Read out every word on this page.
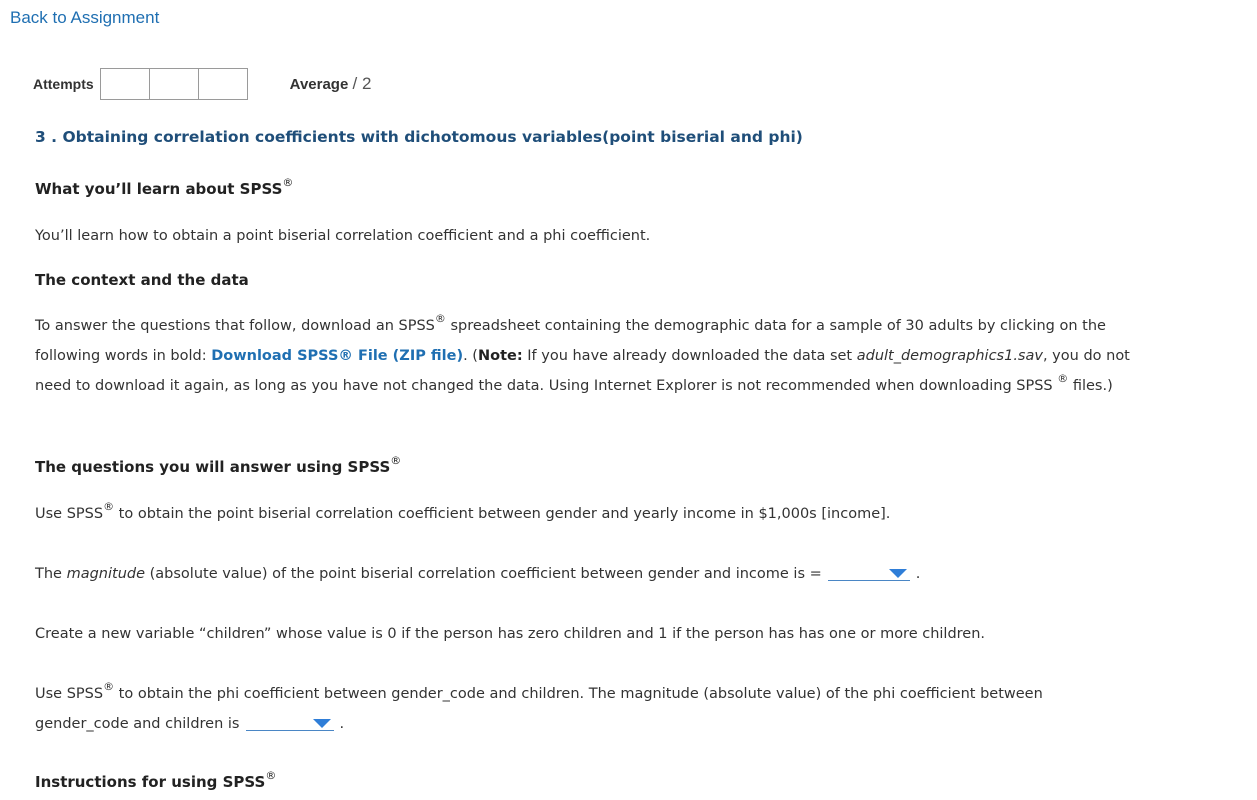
Back to Assignment
Attempts	Average / 2
3 . Obtaining correlation coefficients with dichotomous variables(point biserial and phi)
What you’ll learn about SPSS®
You’ll learn how to obtain a point biserial correlation coefficient and a phi coefficient.
The context and the data
To answer the questions that follow, download an SPSS® spreadsheet containing the demographic data for a sample of 30 adults by clicking on the following words in bold: Download SPSS® File (ZIP file). (Note: If you have already downloaded the data set adult_demographics1.sav, you do not need to download it again, as long as you have not changed the data. Using Internet Explorer is not recommended when downloading SPSS ® files.)
The questions you will answer using SPSS®
Use SPSS® to obtain the point biserial correlation coefficient between gender and yearly income in $1,000s [income].
The magnitude (absolute value) of the point biserial correlation coefficient between gender and income is =	.
Create a new variable “children” whose value is 0 if the person has zero children and 1 if the person has has one or more children.
Use SPSS® to obtain the phi coefficient between gender_code and children. The magnitude (absolute value) of the phi coefficient between gender_code and children is	.
Instructions for using SPSS®
